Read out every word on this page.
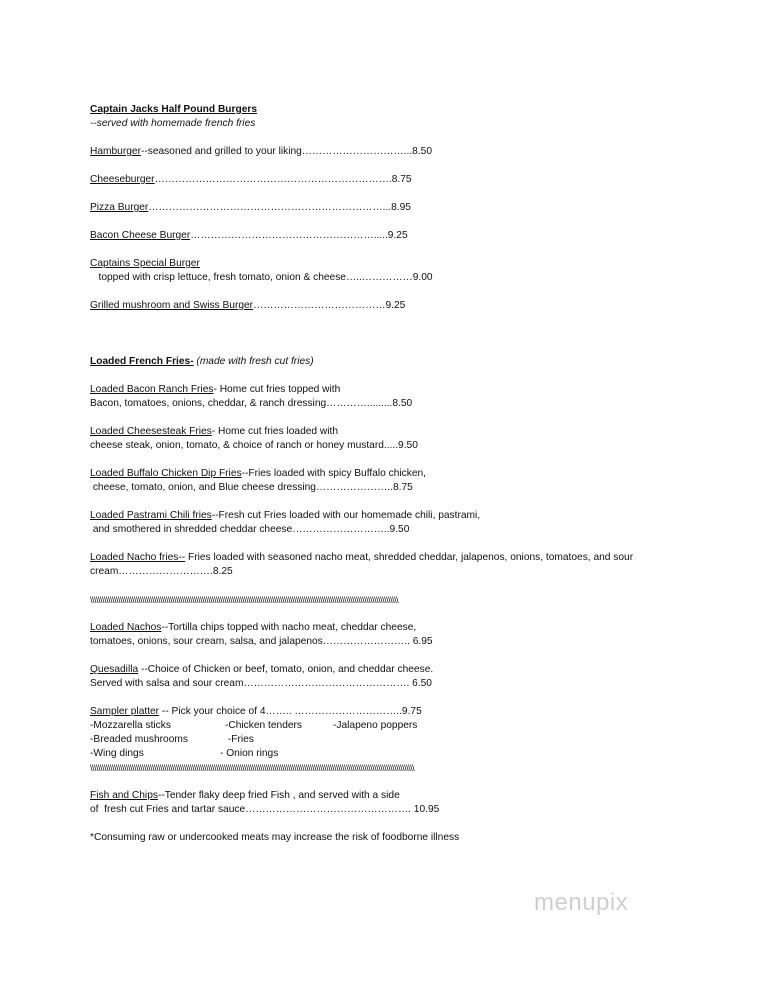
Captain Jacks Half Pound Burgers
--served with homemade french fries
Hamburger--seasoned and grilled to your liking…………………………...8.50
Cheeseburger…………………………………………………………….8.75
Pizza Burger……………………………………………………………...8.95
Bacon Cheese Burger……………………………………………….....9.25
Captains Special Burger
topped with crisp lettuce, fresh tomato, onion & cheese…..……………9.00
Grilled mushroom and Swiss Burger…………………………………9.25
Loaded French Fries- (made with fresh cut fries)
Loaded Bacon Ranch Fries- Home cut fries topped with
Bacon, tomatoes, onions, cheddar, & ranch dressing………….........8.50
Loaded Cheesesteak Fries- Home cut fries loaded with
cheese steak, onion, tomato, & choice of ranch or honey mustard.....9.50
Loaded Buffalo Chicken Dip Fries--Fries loaded with spicy Buffalo chicken,
cheese, tomato, onion, and Blue cheese dressing…………………..8.75
Loaded Pastrami Chili fries--Fresh cut Fries loaded with our homemade chili, pastrami,
and smothered in shredded cheddar cheese………………………..9.50
Loaded Nacho fries-- Fries loaded with seasoned nacho meat, shredded cheddar, jalapenos, onions, tomatoes, and sour
cream……………………….8.25
\\\\\\\\\\\\\\\\\\\\\\\\\\\\\\\\\\\\\\\\\\\\\\\\\\\\\\\\\\\\\\\\\\\\\\\\\\\\\\\\\\\\\\\\\\\\\\\\\\\\\\\\\\\\\\\\\\\\\\\\\\\\\\\\\\\\\\\\\\\\\\\\\\\\\\\\\\
Loaded Nachos--Tortilla chips topped with nacho meat, cheddar cheese,
tomatoes, onions, sour cream, salsa, and jalapenos…………………….. 6.95
Quesadilla --Choice of Chicken or beef, tomato, onion, and cheddar cheese.
Served with salsa and sour cream…………………………………………. 6.50
Sampler platter -- Pick your choice of 4…….. …………………………..9.75
-Mozzarella sticks	-Chicken tenders	-Jalapeno poppers
-Breaded mushrooms	-Fries
-Wing dings	- Onion rings
\\\\\\\\\\\\\\\\\\\\\\\\\\\\\\\\\\\\\\\\\\\\\\\\\\\\\\\\\\\\\\\\\\\\\\\\\\\\\\\\\\\\\\\\\\\\\\\\\\\\\\\\\\\\\\\\\\\\\\\\\\\\\\\\\\\\\\\\\\\\\\\\\\\\\\\\\\\\\\\\\\
Fish and Chips--Tender flaky deep fried Fish , and served with a side
of  fresh cut Fries and tartar sauce…………………………………………. 10.95
*Consuming raw or undercooked meats may increase the risk of foodborne illness
menupix
